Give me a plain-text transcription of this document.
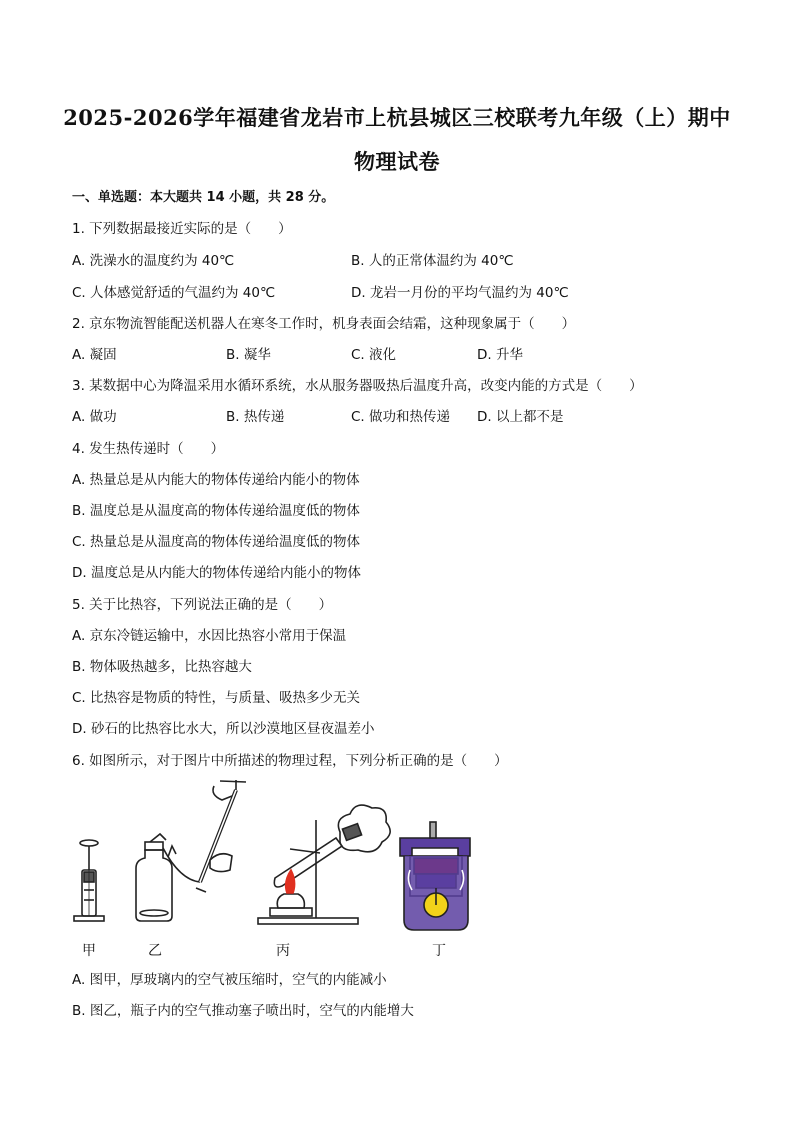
2025-2026学年福建省龙岩市上杭县城区三校联考九年级（上）期中
物理试卷
一、单选题：本大题共 14 小题，共 28 分。
1. 下列数据最接近实际的是（　　）
A. 洗澡水的温度约为 40℃	B. 人的正常体温约为 40℃
C. 人体感觉舒适的气温约为 40℃	D. 龙岩一月份的平均气温约为 40℃
2. 京东物流智能配送机器人在寒冬工作时，机身表面会结霜，这种现象属于（　　）
A. 凝固	B. 凝华	C. 液化	D. 升华
3. 某数据中心为降温采用水循环系统，水从服务器吸热后温度升高，改变内能的方式是（　　）
A. 做功	B. 热传递	C. 做功和热传递 D. 以上都不是
4. 发生热传递时（　　）
A. 热量总是从内能大的物体传递给内能小的物体
B. 温度总是从温度高的物体传递给温度低的物体
C. 热量总是从温度高的物体传递给温度低的物体
D. 温度总是从内能大的物体传递给内能小的物体
5. 关于比热容，下列说法正确的是（　　）
A. 京东冷链运输中，水因比热容小常用于保温
B. 物体吸热越多，比热容越大
C. 比热容是物质的特性，与质量、吸热多少无关
D. 砂石的比热容比水大，所以沙漠地区昼夜温差小
6. 如图所示，对于图片中所描述的物理过程，下列分析正确的是（　　）
甲	乙	丙	丁
A. 图甲，厚玻璃内的空气被压缩时，空气的内能减小
B. 图乙，瓶子内的空气推动塞子喷出时，空气的内能增大
